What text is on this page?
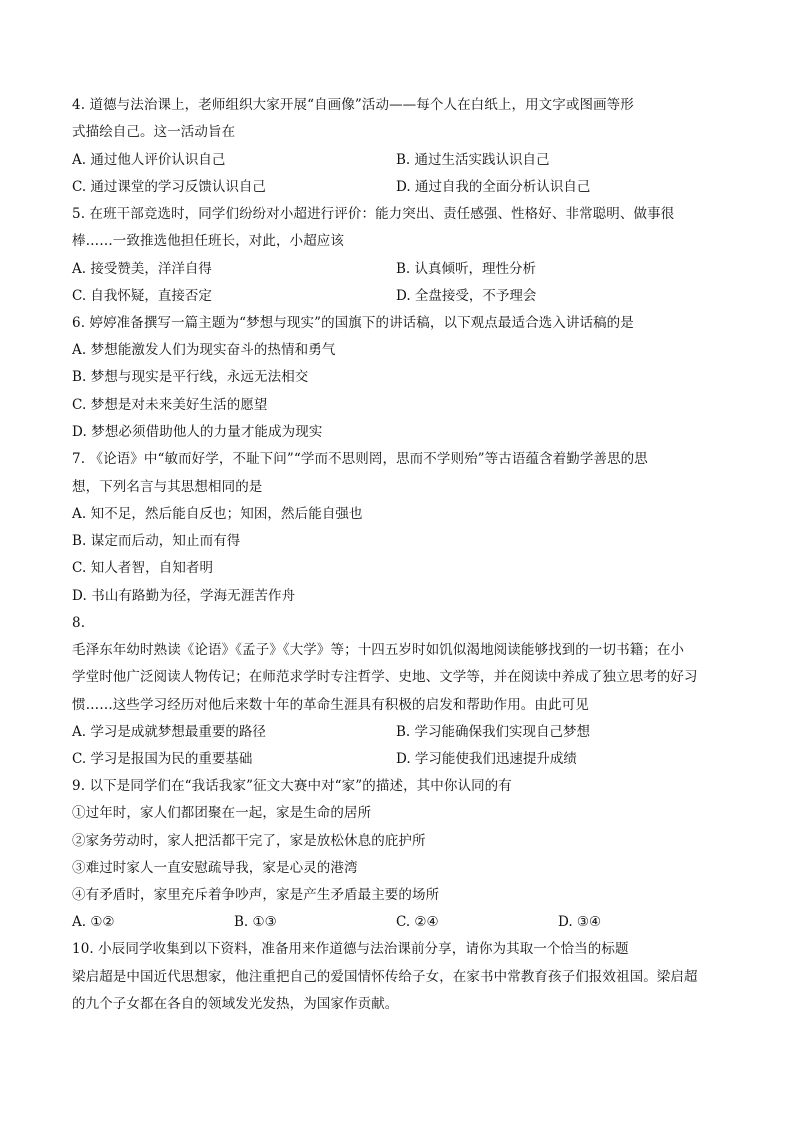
4. 道德与法治课上，老师组织大家开展“自画像”活动——每个人在白纸上，用文字或图画等形
式描绘自己。这一活动旨在
A. 通过他人评价认识自己	B. 通过生活实践认识自己
C. 通过课堂的学习反馈认识自己	D. 通过自我的全面分析认识自己
5. 在班干部竞选时，同学们纷纷对小超进行评价：能力突出、责任感强、性格好、非常聪明、做事很
棒……一致推选他担任班长，对此，小超应该
A. 接受赞美，洋洋自得	B. 认真倾听，理性分析
C. 自我怀疑，直接否定	D. 全盘接受，不予理会
6. 婷婷准备撰写一篇主题为“梦想与现实”的国旗下的讲话稿，以下观点最适合选入讲话稿的是
A. 梦想能激发人们为现实奋斗的热情和勇气
B. 梦想与现实是平行线，永远无法相交
C. 梦想是对未来美好生活的愿望
D. 梦想必须借助他人的力量才能成为现实
7. 《论语》中“敏而好学，不耻下问”“学而不思则罔，思而不学则殆”等古语蕴含着勤学善思的思
想，下列名言与其思想相同的是
A. 知不足，然后能自反也；知困，然后能自强也
B. 谋定而后动，知止而有得
C. 知人者智，自知者明
D. 书山有路勤为径，学海无涯苦作舟
8.
毛泽东年幼时熟读《论语》《孟子》《大学》等；十四五岁时如饥似渴地阅读能够找到的一切书籍；在小
学堂时他广泛阅读人物传记；在师范求学时专注哲学、史地、文学等，并在阅读中养成了独立思考的好习
惯……这些学习经历对他后来数十年的革命生涯具有积极的启发和帮助作用。由此可见
A. 学习是成就梦想最重要的路径	B. 学习能确保我们实现自己梦想
C. 学习是报国为民的重要基础	D. 学习能使我们迅速提升成绩
9. 以下是同学们在“我话我家”征文大赛中对“家”的描述，其中你认同的有
①过年时，家人们都团聚在一起，家是生命的居所
②家务劳动时，家人把活都干完了，家是放松休息的庇护所
③难过时家人一直安慰疏导我，家是心灵的港湾
④有矛盾时，家里充斥着争吵声，家是产生矛盾最主要的场所
A. ①②	B. ①③	C. ②④	D. ③④
10. 小辰同学收集到以下资料，准备用来作道德与法治课前分享，请你为其取一个恰当的标题
梁启超是中国近代思想家，他注重把自己的爱国情怀传给子女，在家书中常教育孩子们报效祖国。梁启超
的九个子女都在各自的领域发光发热，为国家作贡献。
